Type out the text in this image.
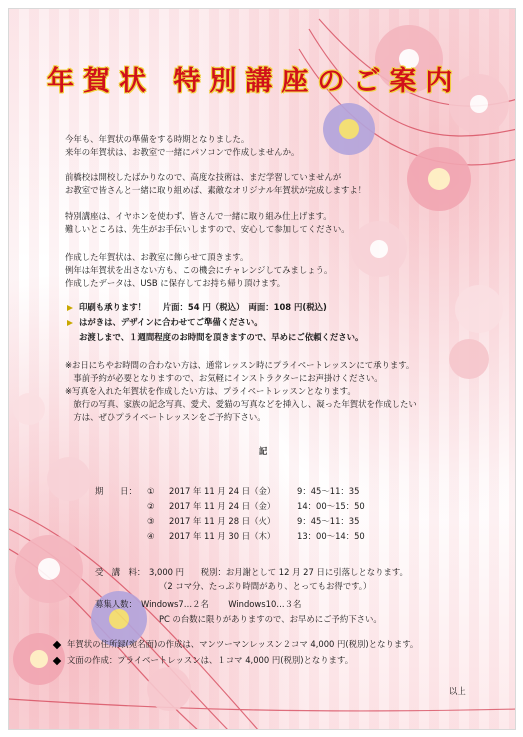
年賀状 特別講座のご案内
今年も、年賀状の準備をする時期となりました。
来年の年賀状は、お教室で一緒にパソコンで作成しませんか。
前橋校は開校したばかりなので、高度な技術は、まだ学習していませんが
お教室で皆さんと一緒に取り組めば、素敵なオリジナル年賀状が完成しますよ！
特別講座は、イヤホンを使わず、皆さんで一緒に取り組み仕上げます。
難しいところは、先生がお手伝いしますので、安心して参加してください。
作成した年賀状は、お教室に飾らせて頂きます。
例年は年賀状を出さない方も、この機会にチャレンジしてみましょう。
作成したデータは、USB に保存してお持ち帰り頂けます。
印刷も承ります！　　片面：54 円（税込）　両面：108 円(税込)
はがきは、デザインに合わせてご準備ください。
お渡しまで、１週間程度のお時間を頂きますので、早めにご依頼ください。
※お日にちやお時間の合わない方は、通常レッスン時にプライベートレッスンにて承ります。
　事前予約が必要となりますので、お気軽にインストラクターにお声掛けください。
※写真を入れた年賀状を作成したい方は、プライベートレッスンとなります。
　旅行の写真、家族の記念写真、愛犬、愛猫の写真などを挿入し、凝った年賀状を作成したい
　方は、ぜひプライベートレッスンをご予約下さい。
記
期　　日： ① 2017 年 11 月 24 日（金）	9：45～11：35
② 2017 年 11 月 24 日（金）	14：00～15：50
③ 2017 年 11 月 28 日（火）	9：45～11：35
④ 2017 年 11 月 30 日（木）	13：00～14：50
受　講　料： 3,000 円　　税別：お月謝として 12 月 27 日に引落しとなります。
（2 コマ分、たっぷり時間があり、とってもお得です。）
募集人数： Windows7…２名　　 Windows10…３名
PC の台数に限りがありますので、お早めにご予約下さい。
年賀状の住所録(宛名面)の作成は、マンツーマンレッスン２コマ 4,000 円(税別)となります。
文面の作成：プライベートレッスンは、１コマ 4,000 円(税別)となります。
以上
